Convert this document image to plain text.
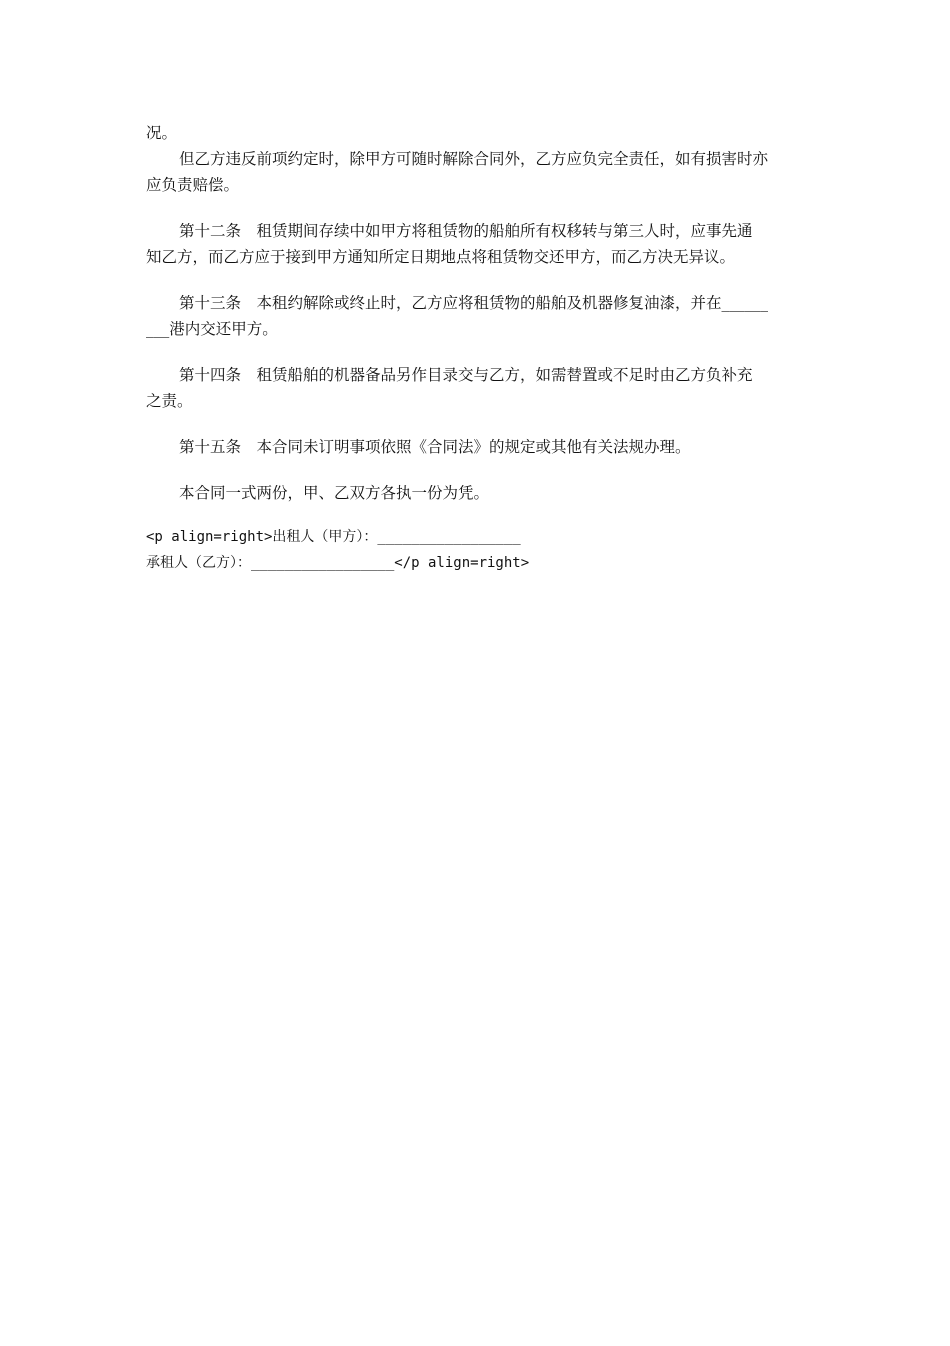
况。
但乙方违反前项约定时，除甲方可随时解除合同外，乙方应负完全责任，如有损害时亦
应负责赔偿。
第十二条　租赁期间存续中如甲方将租赁物的船舶所有权移转与第三人时，应事先通
知乙方，而乙方应于接到甲方通知所定日期地点将租赁物交还甲方，而乙方决无异议。
第十三条　本租约解除或终止时，乙方应将租赁物的船舶及机器修复油漆，并在______
___港内交还甲方。
第十四条　租赁船舶的机器备品另作目录交与乙方，如需替置或不足时由乙方负补充
之责。
第十五条　本合同未订明事项依照《合同法》的规定或其他有关法规办理。
本合同一式两份，甲、乙双方各执一份为凭。
<p align=right>出租人（甲方）：_________________
承租人（乙方）：_________________</p align=right>
